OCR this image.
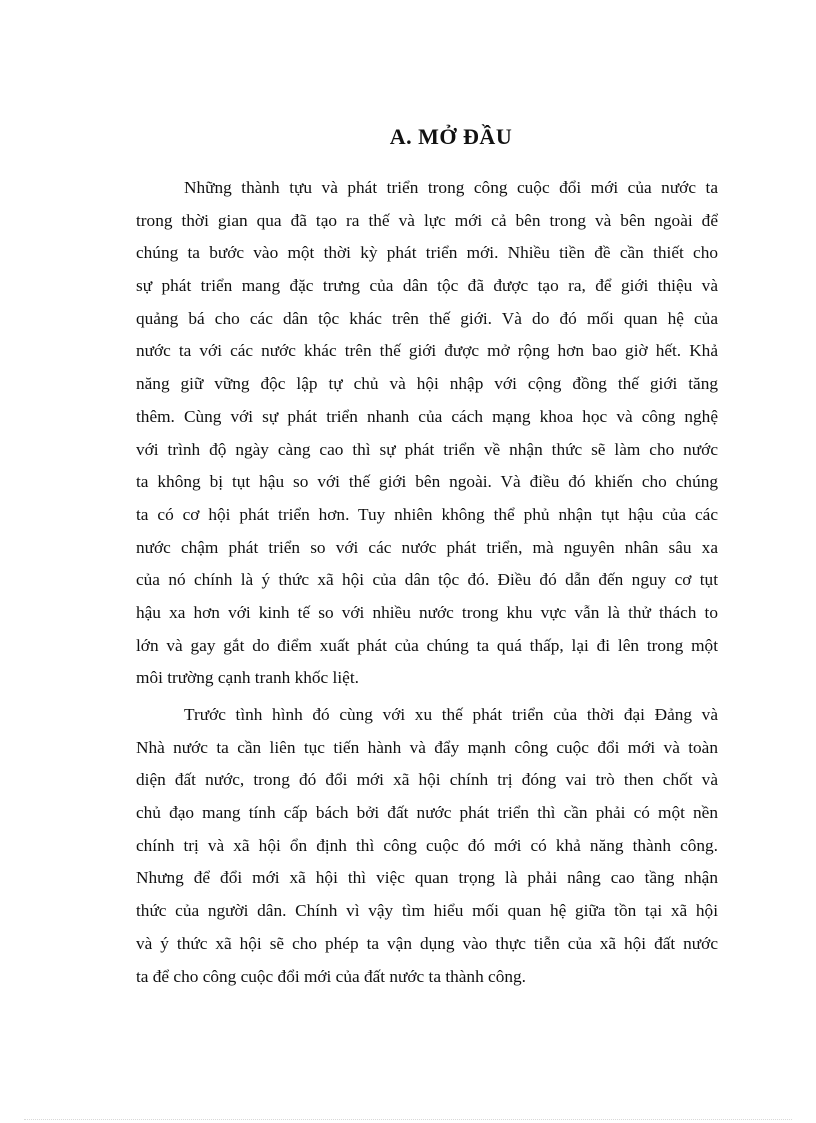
A. MỞ ĐẦU
Những thành tựu và phát triển trong công cuộc đổi mới của nước ta
trong thời gian qua đã tạo ra thế và lực mới cả bên trong và bên ngoài để
chúng ta bước vào một thời kỳ phát triển mới. Nhiều tiền đề cần thiết cho
sự phát triển mang đặc trưng của dân tộc đã được tạo ra, để giới thiệu và
quảng bá cho các dân tộc khác trên thế giới. Và do đó mối quan hệ của
nước ta với các nước khác trên thế giới được mở rộng hơn bao giờ hết. Khả
năng giữ vững độc lập tự chủ và hội nhập với cộng đồng thế giới tăng
thêm. Cùng với sự phát triển nhanh của cách mạng khoa học và công nghệ
với trình độ ngày càng cao thì sự phát triển về nhận thức sẽ làm cho nước
ta không bị tụt hậu so với thế giới bên ngoài. Và điều đó khiến cho chúng
ta có cơ hội phát triển hơn. Tuy nhiên không thể phủ nhận tụt hậu của các
nước chậm phát triển so với các nước phát triển, mà nguyên nhân sâu xa
của nó chính là ý thức xã hội của dân tộc đó. Điều đó dẫn đến nguy cơ tụt
hậu xa hơn với kinh tế so với nhiều nước trong khu vực vẫn là thử thách to
lớn và gay gắt do điểm xuất phát của chúng ta quá thấp, lại đi lên trong một
môi trường cạnh tranh khốc liệt.
Trước tình hình đó cùng với xu thế phát triển của thời đại Đảng và
Nhà nước ta cần liên tục tiến hành và đẩy mạnh công cuộc đổi mới và toàn
diện đất nước, trong đó đổi mới xã hội chính trị đóng vai trò then chốt và
chủ đạo mang tính cấp bách bởi đất nước phát triển thì cần phải có một nền
chính trị và xã hội ổn định thì công cuộc đó mới có khả năng thành công.
Nhưng để đổi mới xã hội thì việc quan trọng là phải nâng cao tầng nhận
thức của người dân. Chính vì vậy tìm hiểu mối quan hệ giữa tồn tại xã hội
và ý thức xã hội sẽ cho phép ta vận dụng vào thực tiễn của xã hội đất nước
ta để cho công cuộc đổi mới của đất nước ta thành công.
